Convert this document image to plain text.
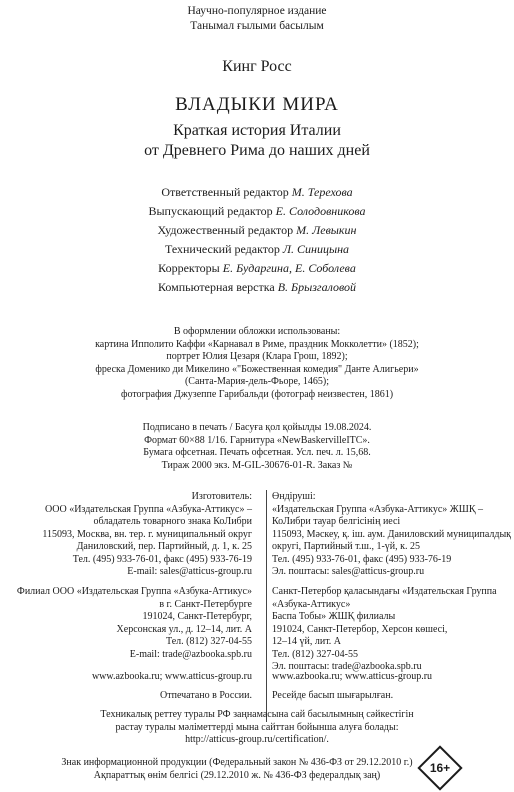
Научно-популярное издание
Танымал ғылыми басылым
Кинг Росс
ВЛАДЫКИ МИРА
Краткая история Италии
от Древнего Рима до наших дней
Ответственный редактор М. Терехова
Выпускающий редактор Е. Солодовникова
Художественный редактор М. Левыкин
Технический редактор Л. Синицына
Корректоры Е. Бударгина, Е. Соболева
Компьютерная верстка В. Брызгаловой
В оформлении обложки использованы:
картина Ипполито Каффи «Карнавал в Риме, праздник Мокколетти» (1852);
портрет Юлия Цезаря (Клара Грош, 1892);
фреска Доменико ди Микелино «"Божественная комедия" Данте Алигьери»
(Санта-Мария-дель-Фьоре, 1465);
фотография Джузеппе Гарибальди (фотограф неизвестен, 1861)
Подписано в печать / Басуға қол қойылды 19.08.2024.
Формат 60×88 1/16. Гарнитура «NewBaskervilleITC».
Бумага офсетная. Печать офсетная. Усл. печ. л. 15,68.
Тираж 2000 экз. M-GIL-30676-01-R. Заказ №
Изготовитель:
ООО «Издательская Группа «Азбука-Аттикус» –
обладатель товарного знака КоЛибри
115093, Москва, вн. тер. г. муниципальный округ
Даниловский, пер. Партийный, д. 1, к. 25
Тел. (495) 933-76-01, факс (495) 933-76-19
E-mail: sales@atticus-group.ru
Өндіруші:
«Издательская Группа «Азбука-Аттикус» ЖШҚ –
КоЛибри тауар белгісінің иесі
115093, Мәскеу, қ. іш. аум. Даниловский муниципалдық
округі, Партийный т.ш., 1-үй, к. 25
Тел. (495) 933-76-01, факс (495) 933-76-19
Эл. поштасы: sales@atticus-group.ru
Филиал ООО «Издательская Группа «Азбука-Аттикус»
в г. Санкт-Петербурге
191024, Санкт-Петербург,
Херсонская ул., д. 12–14, лит. А
Тел. (812) 327-04-55
E-mail: trade@azbooka.spb.ru
Санкт-Петербор қаласындағы «Издательская Группа «Азбука-Аттикус»
Баспа Тобы» ЖШҚ филиалы
191024, Санкт-Петербор, Херсон көшесі,
12–14 үй, лит. А
Тел. (812) 327-04-55
Эл. поштасы: trade@azbooka.spb.ru
www.azbooka.ru; www.atticus-group.ru www.azbooka.ru; www.atticus-group.ru
Отпечатано в России. Ресейде басып шығарылған.
Техникалық реттеу туралы РФ заңнамасына сай басылымның сәйкестігін
растау туралы мәліметтерді мына сайттан бойынша алуға болады:
http://atticus-group.ru/certification/.
Знак информационной продукции (Федеральный закон № 436-ФЗ от 29.12.2010 г.)
Ақпараттық өнім белгісі (29.12.2010 ж. № 436-ФЗ федералдық заң)	16+
